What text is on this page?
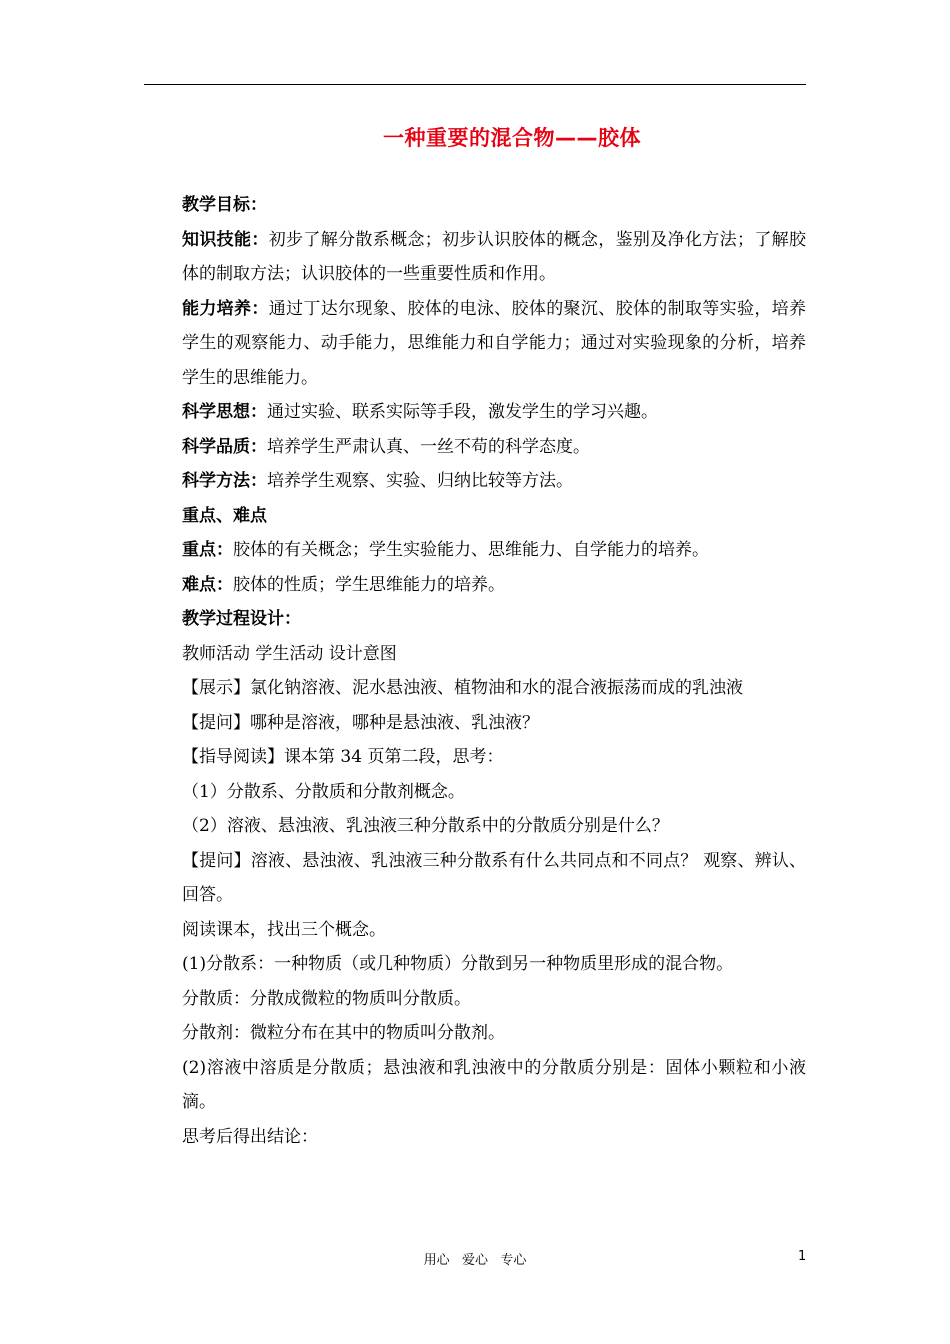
一种重要的混合物——胶体

教学目标：

知识技能：初步了解分散系概念；初步认识胶体的概念，鉴别及净化方法；了解胶体的制取方法；认识胶体的一些重要性质和作用。

能力培养：通过丁达尔现象、胶体的电泳、胶体的聚沉、胶体的制取等实验，培养学生的观察能力、动手能力，思维能力和自学能力；通过对实验现象的分析，培养学生的思维能力。

科学思想：通过实验、联系实际等手段，激发学生的学习兴趣。

科学品质：培养学生严肃认真、一丝不苟的科学态度。

科学方法：培养学生观察、实验、归纳比较等方法。

重点、难点

重点：胶体的有关概念；学生实验能力、思维能力、自学能力的培养。

难点：胶体的性质；学生思维能力的培养。

教学过程设计：

教师活动 学生活动 设计意图

【展示】氯化钠溶液、泥水悬浊液、植物油和水的混合液振荡而成的乳浊液

【提问】哪种是溶液，哪种是悬浊液、乳浊液？

【指导阅读】课本第 34 页第二段，思考：

（1）分散系、分散质和分散剂概念。

（2）溶液、悬浊液、乳浊液三种分散系中的分散质分别是什么？

【提问】溶液、悬浊液、乳浊液三种分散系有什么共同点和不同点？ 观察、辨认、回答。

阅读课本，找出三个概念。

(1)分散系：一种物质（或几种物质）分散到另一种物质里形成的混合物。

分散质：分散成微粒的物质叫分散质。

分散剂：微粒分布在其中的物质叫分散剂。

(2)溶液中溶质是分散质；悬浊液和乳浊液中的分散质分别是：固体小颗粒和小液滴。

思考后得出结论：

用心   爱心   专心	1
